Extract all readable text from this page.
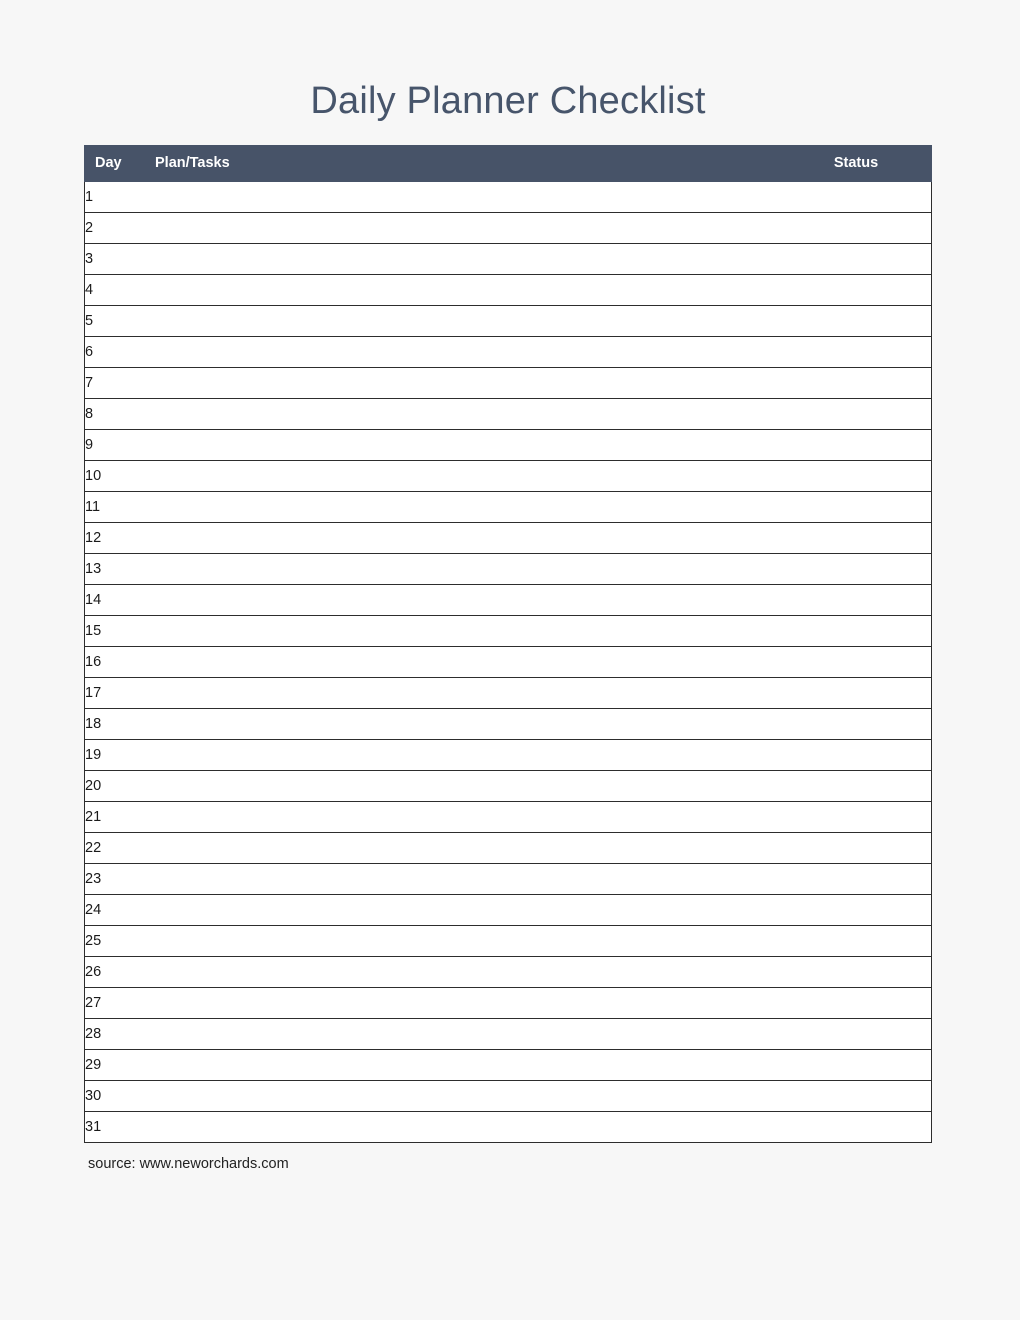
Daily Planner Checklist
Day	Plan/Tasks	Status
1		
2		
3		
4		
5		
6		
7		
8		
9		
10		
11		
12		
13		
14		
15		
16		
17		
18		
19		
20		
21		
22		
23		
24		
25		
26		
27		
28		
29		
30		
31		
source: www.neworchards.com
